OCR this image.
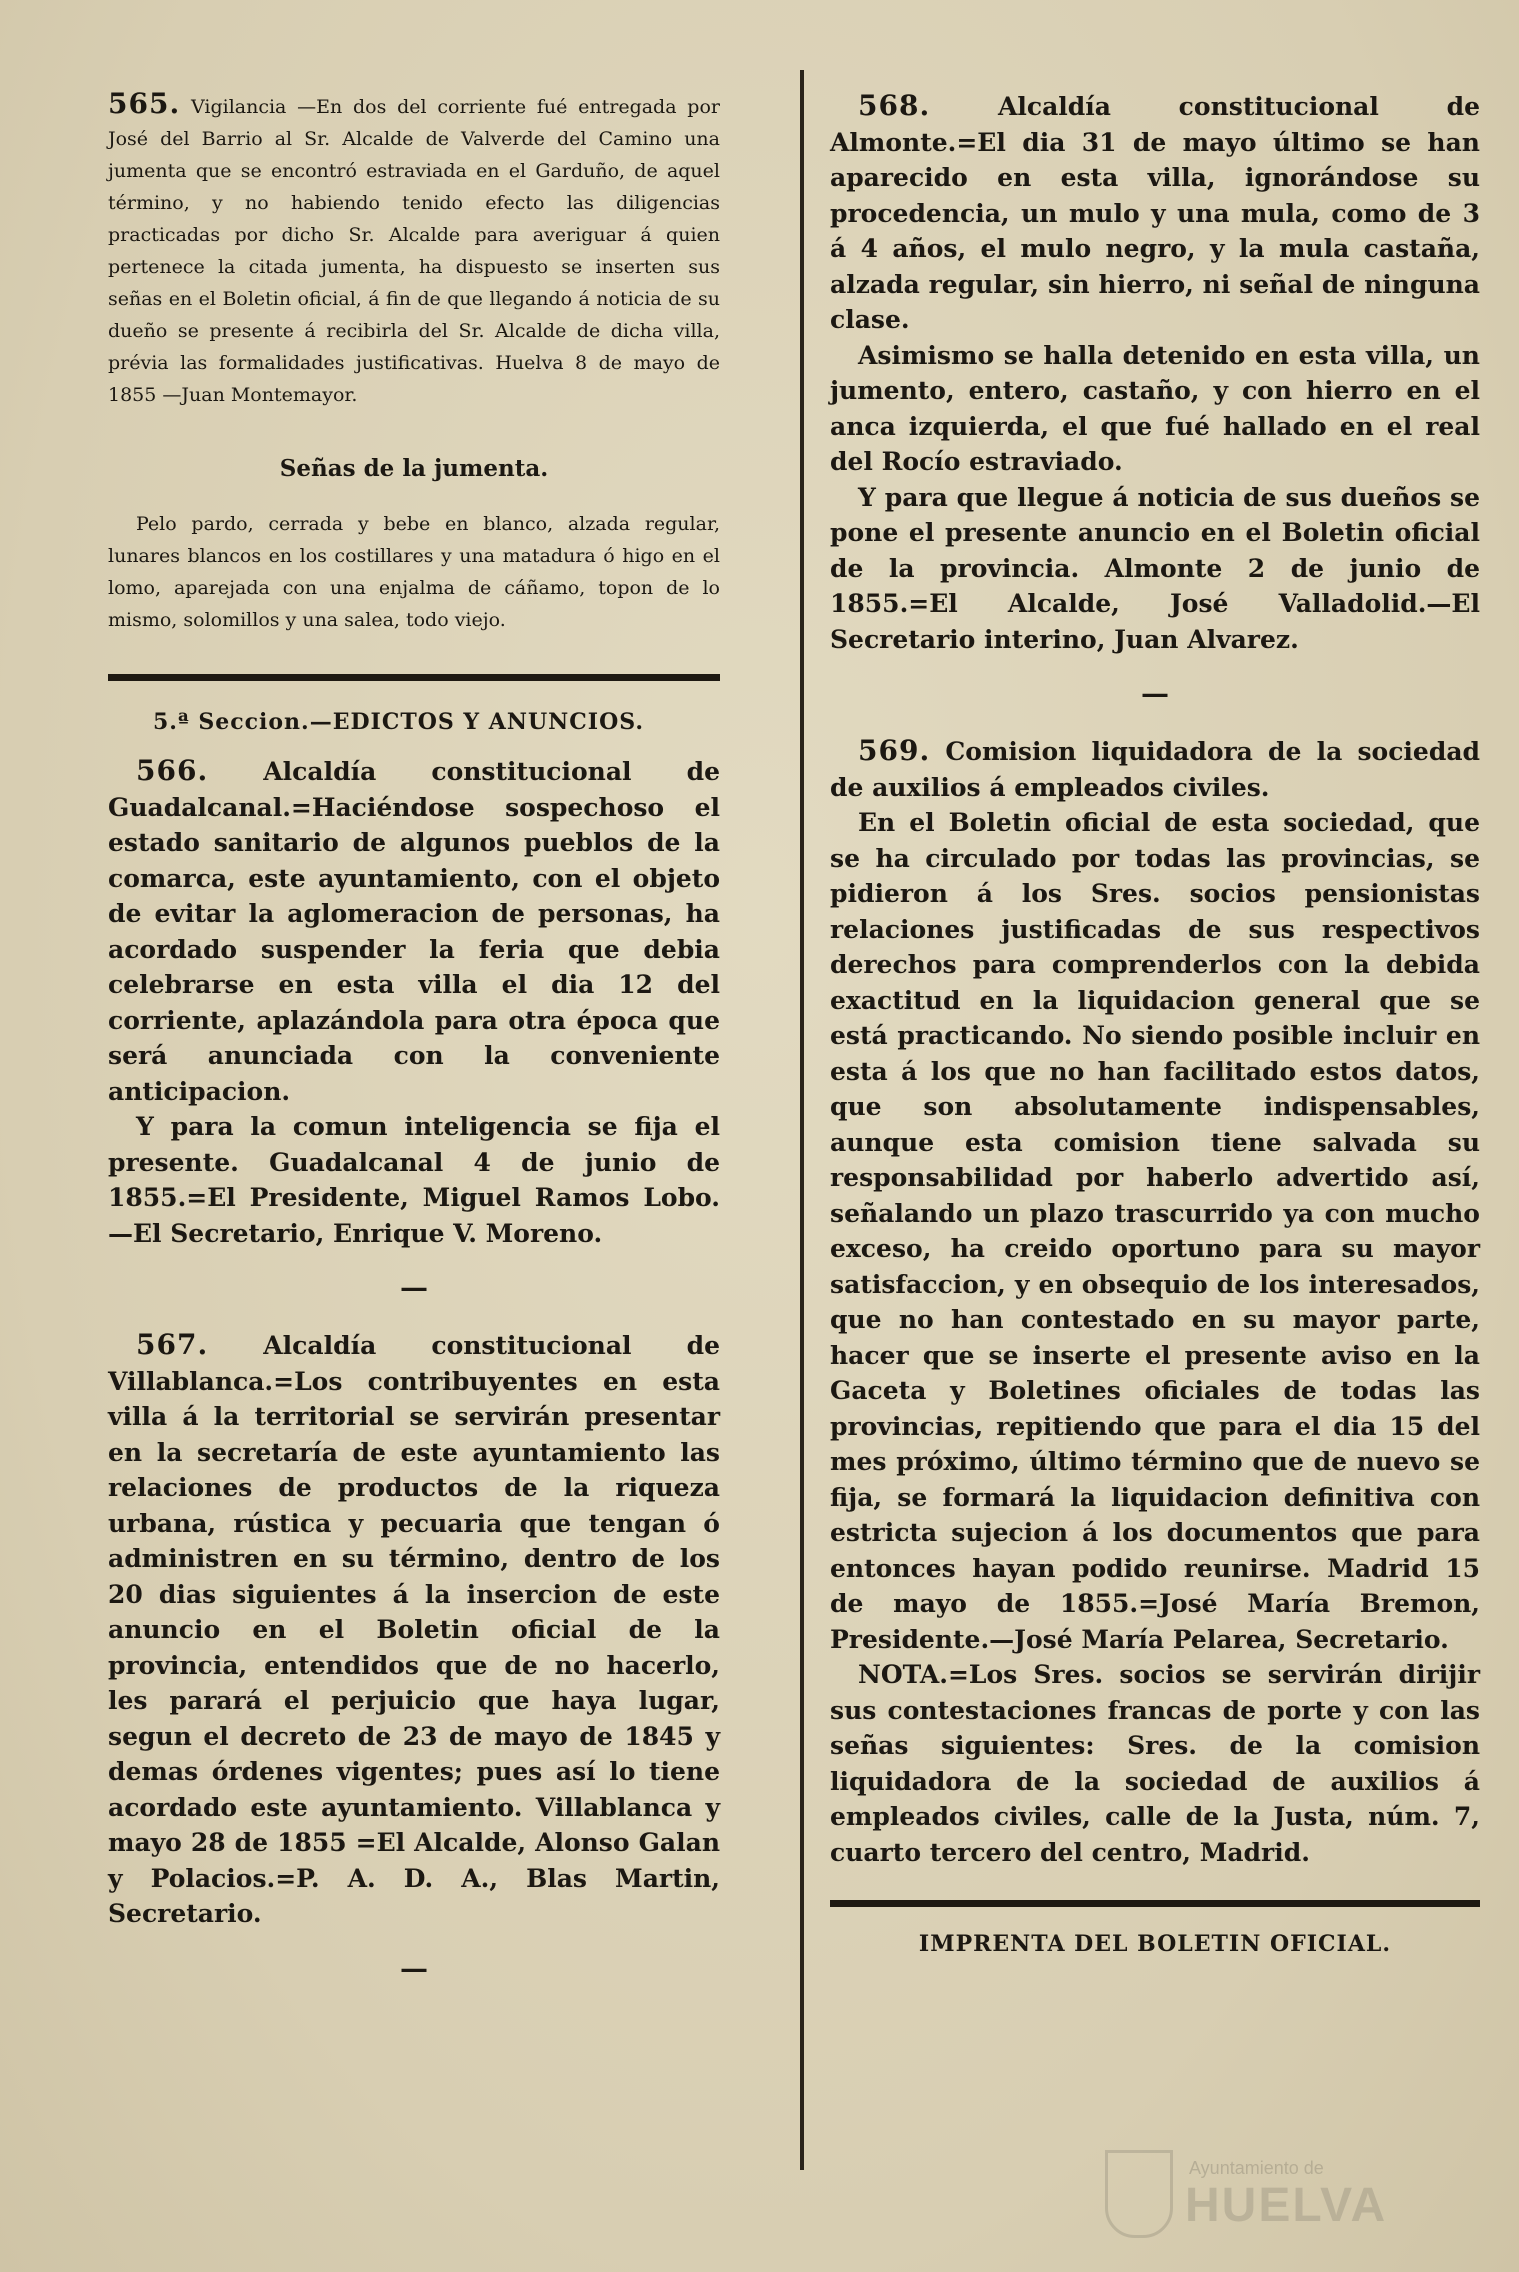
565. Vigilancia —En dos del corriente fué entregada por José del Barrio al Sr. Alcalde de Valverde del Camino una jumenta que se encontró estraviada en el Garduño, de aquel término, y no habiendo tenido efecto las diligencias practicadas por dicho Sr. Alcalde para averiguar á quien pertenece la citada jumenta, ha dispuesto se inserten sus señas en el Boletin oficial, á fin de que llegando á noticia de su dueño se presente á recibirla del Sr. Alcalde de dicha villa, prévia las formalidades justificativas. Huelva 8 de mayo de 1855 —Juan Montemayor.

Señas de la jumenta.

Pelo pardo, cerrada y bebe en blanco, alzada regular, lunares blancos en los costillares y una matadura ó higo en el lomo, aparejada con una enjalma de cáñamo, topon de lo mismo, solomillos y una salea, todo viejo.

5.ª Seccion.—EDICTOS Y ANUNCIOS.

566. Alcaldía constitucional de Guadalcanal.=Haciéndose sospechoso el estado sanitario de algunos pueblos de la comarca, este ayuntamiento, con el objeto de evitar la aglomeracion de personas, ha acordado suspender la feria que debia celebrarse en esta villa el dia 12 del corriente, aplazándola para otra época que será anunciada con la conveniente anticipacion.

Y para la comun inteligencia se fija el presente. Guadalcanal 4 de junio de 1855.=El Presidente, Miguel Ramos Lobo.—El Secretario, Enrique V. Moreno.

—

567. Alcaldía constitucional de Villablanca.=Los contribuyentes en esta villa á la territorial se servirán presentar en la secretaría de este ayuntamiento las relaciones de productos de la riqueza urbana, rústica y pecuaria que tengan ó administren en su término, dentro de los 20 dias siguientes á la insercion de este anuncio en el Boletin oficial de la provincia, entendidos que de no hacerlo, les parará el perjuicio que haya lugar, segun el decreto de 23 de mayo de 1845 y demas órdenes vigentes; pues así lo tiene acordado este ayuntamiento. Villablanca y mayo 28 de 1855 =El Alcalde, Alonso Galan y Polacios.=P. A. D. A., Blas Martin, Secretario.

—

568.	Alcaldía constitucional de Almonte.=El dia 31 de mayo último se han aparecido en esta villa, ignorándose su procedencia, un mulo y una mula, como de 3 á 4 años, el mulo negro, y la mula castaña, alzada regular, sin hierro, ni señal de ninguna clase.

Asimismo se halla detenido en esta villa, un jumento, entero, castaño, y con hierro en el anca izquierda, el que fué hallado en el real del Rocío estraviado.

Y para que llegue á noticia de sus dueños se pone el presente anuncio en el Boletin oficial de la provincia. Almonte 2 de junio de 1855.=El Alcalde, José Valladolid.—El Secretario interino, Juan Alvarez.

—

569. Comision liquidadora de la sociedad de auxilios á empleados civiles.

En el Boletin oficial de esta sociedad, que se ha circulado por todas las provincias, se pidieron á los Sres. socios pensionistas relaciones justificadas de sus respectivos derechos para comprenderlos con la debida exactitud en la liquidacion general que se está practicando. No siendo posible incluir en esta á los que no han facilitado estos datos, que son absolutamente indispensables, aunque esta comision tiene salvada su responsabilidad por haberlo advertido así, señalando un plazo trascurrido ya con mucho exceso, ha creido oportuno para su mayor satisfaccion, y en obsequio de los interesados, que no han contestado en su mayor parte, hacer que se inserte el presente aviso en la Gaceta y Boletines oficiales de todas las provincias, repitiendo que para el dia 15 del mes próximo, último término que de nuevo se fija, se formará la liquidacion definitiva con estricta sujecion á los documentos que para entonces hayan podido reunirse. Madrid 15 de mayo de 1855.=José María Bremon, Presidente.—José María Pelarea, Secretario.

NOTA.=Los Sres. socios se servirán dirijir sus contestaciones francas de porte y con las señas siguientes: Sres. de la comision liquidadora de la sociedad de auxilios á empleados civiles, calle de la Justa, núm. 7, cuarto tercero del centro, Madrid.

IMPRENTA DEL BOLETIN OFICIAL.

Ayuntamiento de
HUELVA
